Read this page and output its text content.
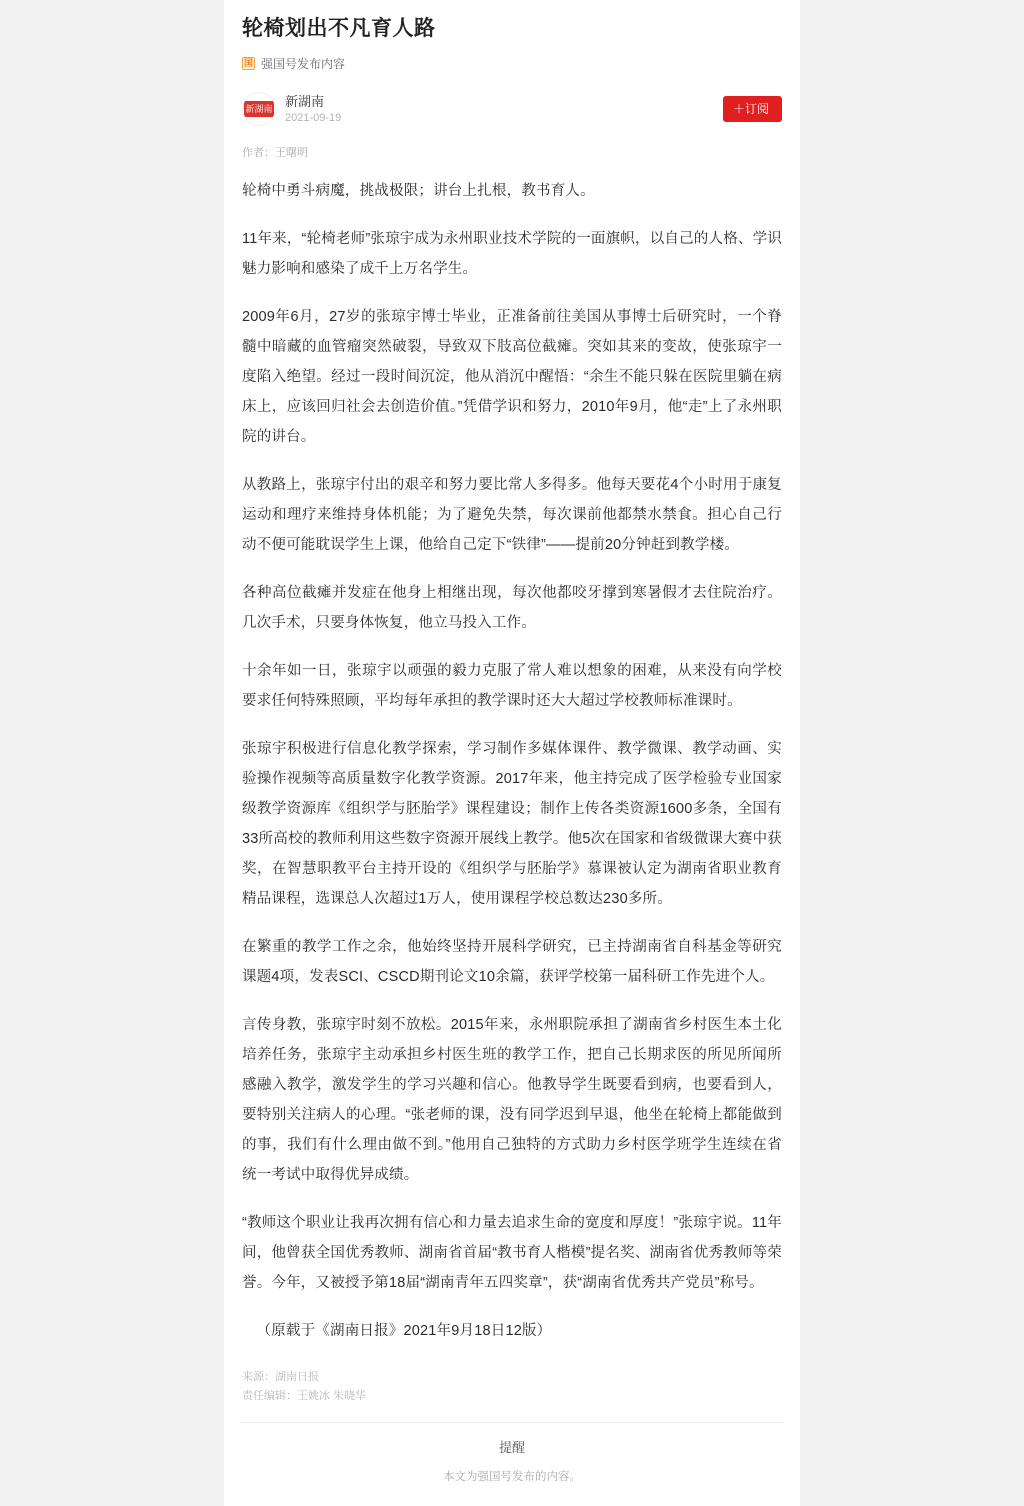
轮椅划出不凡育人路
国 强国号发布内容
新湖南
新湖南
2021-09-19
＋订阅
作者：王曙明

轮椅中勇斗病魔，挑战极限；讲台上扎根，教书育人。

11年来，“轮椅老师”张琼宇成为永州职业技术学院的一面旗帜，以自己的人格、学识魅力影响和感染了成千上万名学生。

2009年6月，27岁的张琼宇博士毕业，正准备前往美国从事博士后研究时，一个脊髓中暗藏的血管瘤突然破裂，导致双下肢高位截瘫。突如其来的变故，使张琼宇一度陷入绝望。经过一段时间沉淀，他从消沉中醒悟：“余生不能只躲在医院里躺在病床上，应该回归社会去创造价值。”凭借学识和努力，2010年9月，他“走”上了永州职院的讲台。

从教路上，张琼宇付出的艰辛和努力要比常人多得多。他每天要花4个小时用于康复运动和理疗来维持身体机能；为了避免失禁，每次课前他都禁水禁食。担心自己行动不便可能耽误学生上课，他给自己定下“铁律”——提前20分钟赶到教学楼。

各种高位截瘫并发症在他身上相继出现，每次他都咬牙撑到寒暑假才去住院治疗。几次手术，只要身体恢复，他立马投入工作。

十余年如一日，张琼宇以顽强的毅力克服了常人难以想象的困难，从来没有向学校要求任何特殊照顾，平均每年承担的教学课时还大大超过学校教师标准课时。

张琼宇积极进行信息化教学探索，学习制作多媒体课件、教学微课、教学动画、实验操作视频等高质量数字化教学资源。2017年来，他主持完成了医学检验专业国家级教学资源库《组织学与胚胎学》课程建设；制作上传各类资源1600多条，全国有33所高校的教师利用这些数字资源开展线上教学。他5次在国家和省级微课大赛中获奖，在智慧职教平台主持开设的《组织学与胚胎学》慕课被认定为湖南省职业教育精品课程，选课总人次超过1万人，使用课程学校总数达230多所。

在繁重的教学工作之余，他始终坚持开展科学研究，已主持湖南省自科基金等研究课题4项，发表SCI、CSCD期刊论文10余篇，获评学校第一届科研工作先进个人。

言传身教，张琼宇时刻不放松。2015年来，永州职院承担了湖南省乡村医生本土化培养任务，张琼宇主动承担乡村医生班的教学工作，把自己长期求医的所见所闻所感融入教学，激发学生的学习兴趣和信心。他教导学生既要看到病，也要看到人，要特别关注病人的心理。“张老师的课，没有同学迟到早退，他坐在轮椅上都能做到的事，我们有什么理由做不到。”他用自己独特的方式助力乡村医学班学生连续在省统一考试中取得优异成绩。

“教师这个职业让我再次拥有信心和力量去追求生命的宽度和厚度！”张琼宇说。11年间，他曾获全国优秀教师、湖南省首届“教书育人楷模”提名奖、湖南省优秀教师等荣誉。今年，又被授予第18届“湖南青年五四奖章”，获“湖南省优秀共产党员”称号。

（原载于《湖南日报》2021年9月18日12版）

来源：湖南日报
责任编辑：王姚冰 朱晓华
提醒
本文为强国号发布的内容。
